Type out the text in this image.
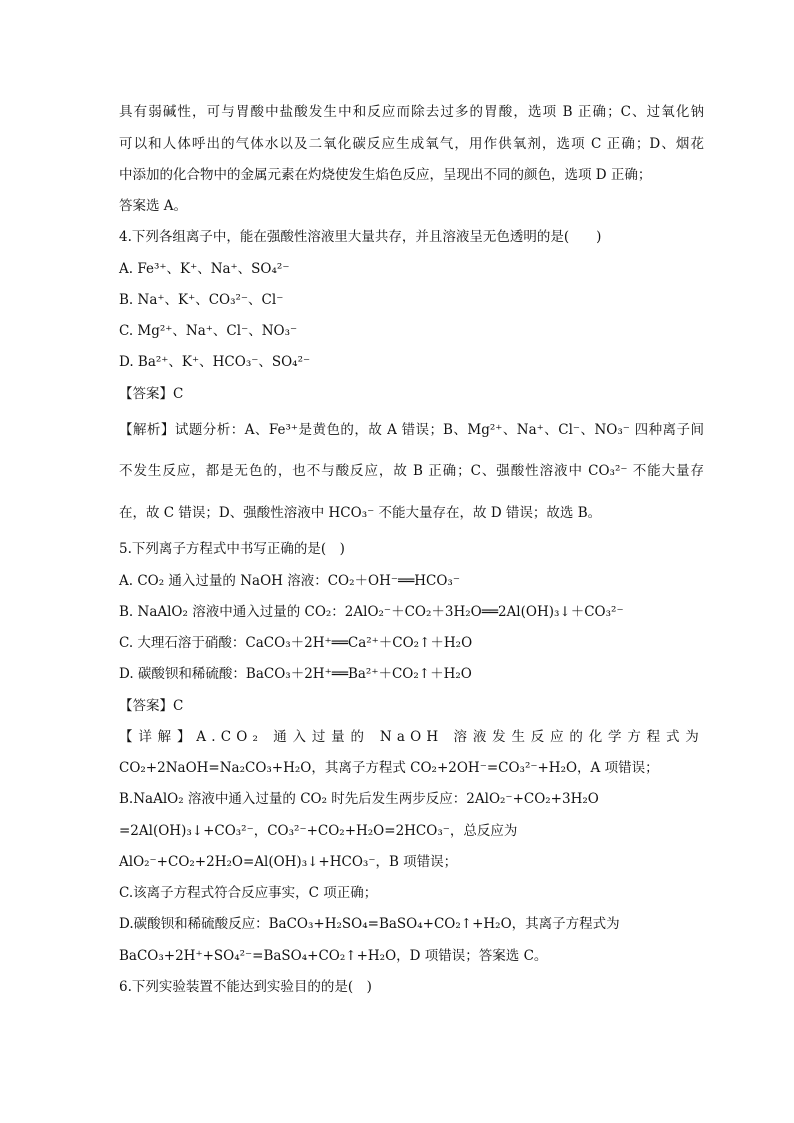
具有弱碱性，可与胃酸中盐酸发生中和反应而除去过多的胃酸，选项 B 正确；C、过氧化钠
可以和人体呼出的气体水以及二氧化碳反应生成氧气，用作供氧剂，选项 C 正确；D、烟花
中添加的化合物中的金属元素在灼烧使发生焰色反应，呈现出不同的颜色，选项 D 正确；
答案选 A。
4.下列各组离子中，能在强酸性溶液里大量共存，并且溶液呈无色透明的是(　　)
A. Fe³⁺、K⁺、Na⁺、SO₄²⁻
B. Na⁺、K⁺、CO₃²⁻、Cl⁻
C. Mg²⁺、Na⁺、Cl⁻、NO₃⁻
D. Ba²⁺、K⁺、HCO₃⁻、SO₄²⁻
【答案】C
【解析】试题分析：A、Fe³⁺是黄色的，故 A 错误；B、Mg²⁺、Na⁺、Cl⁻、NO₃⁻ 四种离子间
不发生反应，都是无色的，也不与酸反应，故 B 正确；C、强酸性溶液中 CO₃²⁻ 不能大量存
在，故 C 错误；D、强酸性溶液中 HCO₃⁻ 不能大量存在，故 D 错误；故选 B。
5.下列离子方程式中书写正确的是(　)
A. CO₂ 通入过量的 NaOH 溶液：CO₂＋OH⁻══HCO₃⁻
B. NaAlO₂ 溶液中通入过量的 CO₂：2AlO₂⁻＋CO₂＋3H₂O══2Al(OH)₃↓＋CO₃²⁻
C. 大理石溶于硝酸：CaCO₃＋2H⁺══Ca²⁺＋CO₂↑＋H₂O
D. 碳酸钡和稀硫酸：BaCO₃＋2H⁺══Ba²⁺＋CO₂↑＋H₂O
【答案】C
【详解】A.CO₂ 通入过量的 NaOH 溶液发生反应的化学方程式为
CO₂+2NaOH=Na₂CO₃+H₂O，其离子方程式 CO₂+2OH⁻=CO₃²⁻+H₂O，A 项错误；
B.NaAlO₂ 溶液中通入过量的 CO₂ 时先后发生两步反应：2AlO₂⁻+CO₂+3H₂O
=2Al(OH)₃↓+CO₃²⁻，CO₃²⁻+CO₂+H₂O=2HCO₃⁻，总反应为
AlO₂⁻+CO₂+2H₂O=Al(OH)₃↓+HCO₃⁻，B 项错误；
C.该离子方程式符合反应事实，C 项正确；
D.碳酸钡和稀硫酸反应：BaCO₃+H₂SO₄=BaSO₄+CO₂↑+H₂O，其离子方程式为
BaCO₃+2H⁺+SO₄²⁻=BaSO₄+CO₂↑+H₂O，D 项错误；答案选 C。
6.下列实验装置不能达到实验目的的是(　)
